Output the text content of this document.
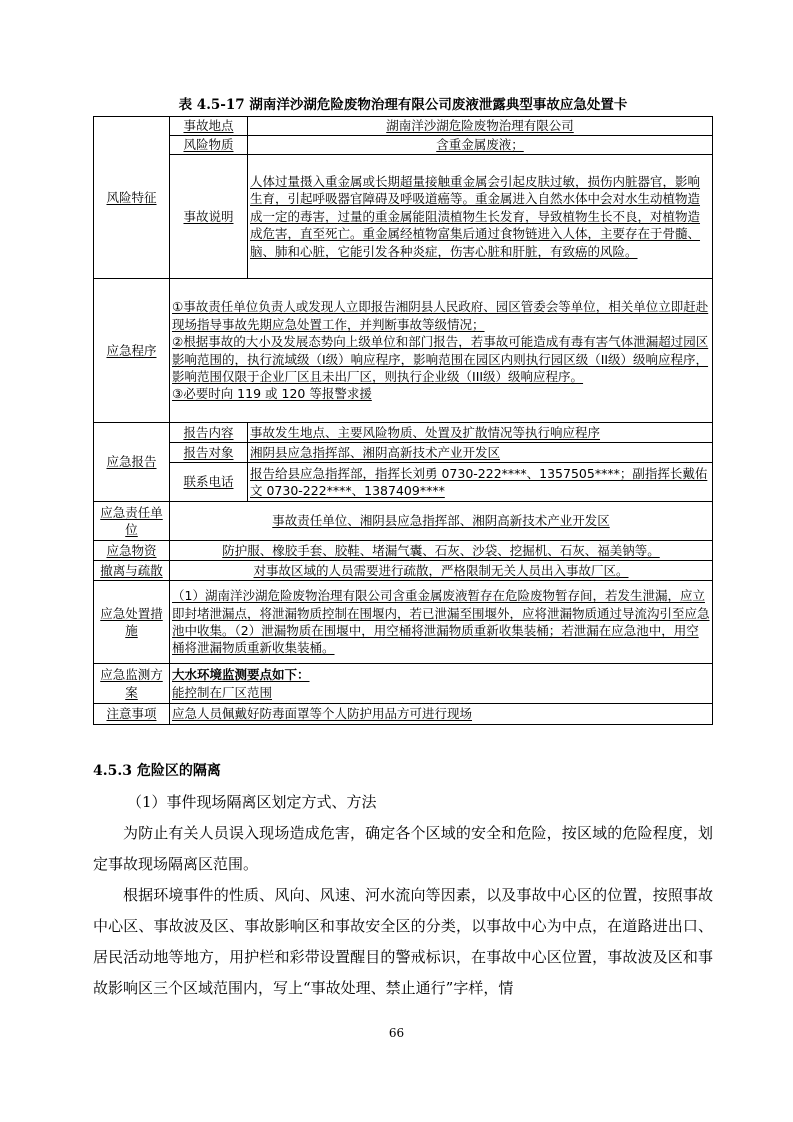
表 4.5-17 湖南洋沙湖危险废物治理有限公司废液泄露典型事故应急处置卡
风险特征	事故地点	湖南洋沙湖危险废物治理有限公司
	风险物质	含重金属废液；
	事故说明	人体过量摄入重金属或长期超量接触重金属会引起皮肤过敏，损伤内脏器官，影响生育，引起呼吸器官障碍及呼吸道癌等。重金属进入自然水体中会对水生动植物造成一定的毒害，过量的重金属能阻渍植物生长发育，导致植物生长不良，对植物造成危害，直至死亡。重金属经植物富集后通过食物链进入人体，主要存在于骨髓、脑、肺和心脏，它能引发各种炎症，伤害心脏和肝脏，有致癌的风险。
应急程序	①事故责任单位负责人或发现人立即报告湘阴县人民政府、园区管委会等单位，相关单位立即赶赴现场指导事故先期应急处置工作，并判断事故等级情况；
②根据事故的大小及发展态势向上级单位和部门报告，若事故可能造成有毒有害气体泄漏超过园区影响范围的，执行流域级（Ⅰ级）响应程序，影响范围在园区内则执行园区级（II级）级响应程序，影响范围仅限于企业厂区且未出厂区，则执行企业级（III级）级响应程序。
③必要时向 119 或 120 等报警求援	

应急报告	报告内容	事故发生地点、主要风险物质、处置及扩散情况等执行响应程序
	报告对象	湘阴县应急指挥部、湘阴高新技术产业开发区
	联系电话	报告给县应急指挥部，指挥长刘勇 0730-222****、1357505****；副指挥长戴佑文 0730-222****、1387409****
应急责任单位	事故责任单位、湘阴县应急指挥部、湘阴高新技术产业开发区	
应急物资	防护服、橡胶手套、胶鞋、堵漏气囊、石灰、沙袋、挖掘机、石灰、福美钠等。	
撤离与疏散	对事故区域的人员需要进行疏散，严格限制无关人员出入事故厂区。	
应急处置措施	（1）湖南洋沙湖危险废物治理有限公司含重金属废液暂存在危险废物暂存间，若发生泄漏，应立即封堵泄漏点，将泄漏物质控制在围堰内，若已泄漏至围堰外，应将泄漏物质通过导流沟引至应急池中收集。（2）泄漏物质在围堰中，用空桶将泄漏物质重新收集装桶；若泄漏在应急池中，用空桶将泄漏物质重新收集装桶。	
应急监测方案	大水环境监测要点如下：
能控制在厂区范围	

注意事项	应急人员佩戴好防毒面罩等个人防护用品方可进行现场	
4.5.3 危险区的隔离

（1）事件现场隔离区划定方式、方法

为防止有关人员误入现场造成危害，确定各个区域的安全和危险，按区域的危险程度，划定事故现场隔离区范围。

根据环境事件的性质、风向、风速、河水流向等因素，以及事故中心区的位置，按照事故中心区、事故波及区、事故影响区和事故安全区的分类，以事故中心为中点，在道路进出口、居民活动地等地方，用护栏和彩带设置醒目的警戒标识，在事故中心区位置，事故波及区和事故影响区三个区域范围内，写上“事故处理、禁止通行”字样，情

66
